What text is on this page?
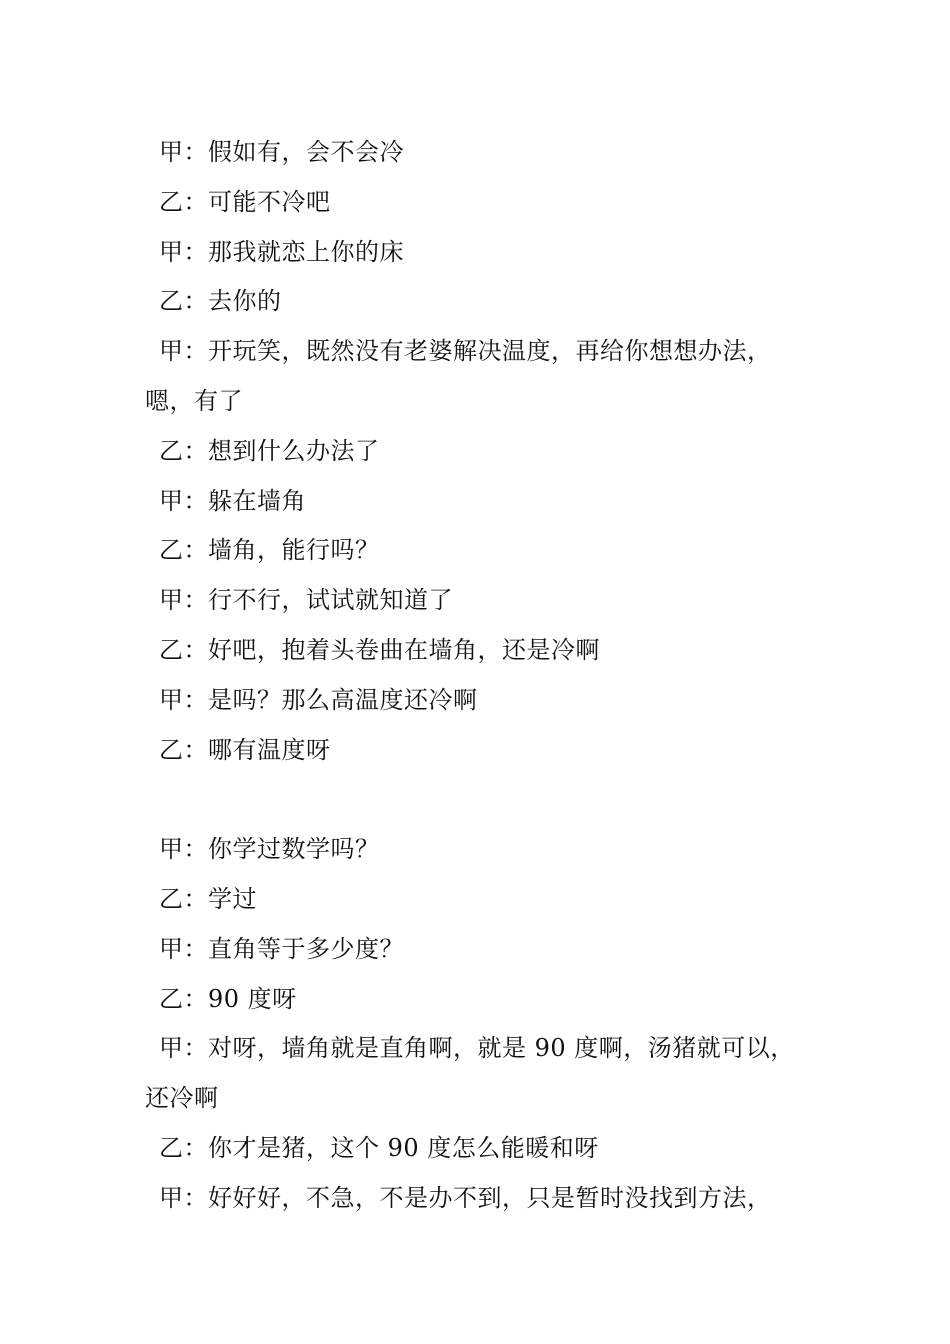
甲：假如有，会不会冷
乙：可能不冷吧
甲：那我就恋上你的床
乙：去你的
甲：开玩笑，既然没有老婆解决温度，再给你想想办法，
嗯，有了
乙：想到什么办法了
甲：躲在墙角
乙：墙角，能行吗？
甲：行不行，试试就知道了
乙：好吧，抱着头卷曲在墙角，还是冷啊
甲：是吗？那么高温度还冷啊
乙：哪有温度呀
甲：你学过数学吗？
乙：学过
甲：直角等于多少度？
乙：90 度呀
甲：对呀，墙角就是直角啊，就是 90 度啊，汤猪就可以，
还冷啊
乙：你才是猪，这个 90 度怎么能暖和呀
甲：好好好，不急，不是办不到，只是暂时没找到方法，
